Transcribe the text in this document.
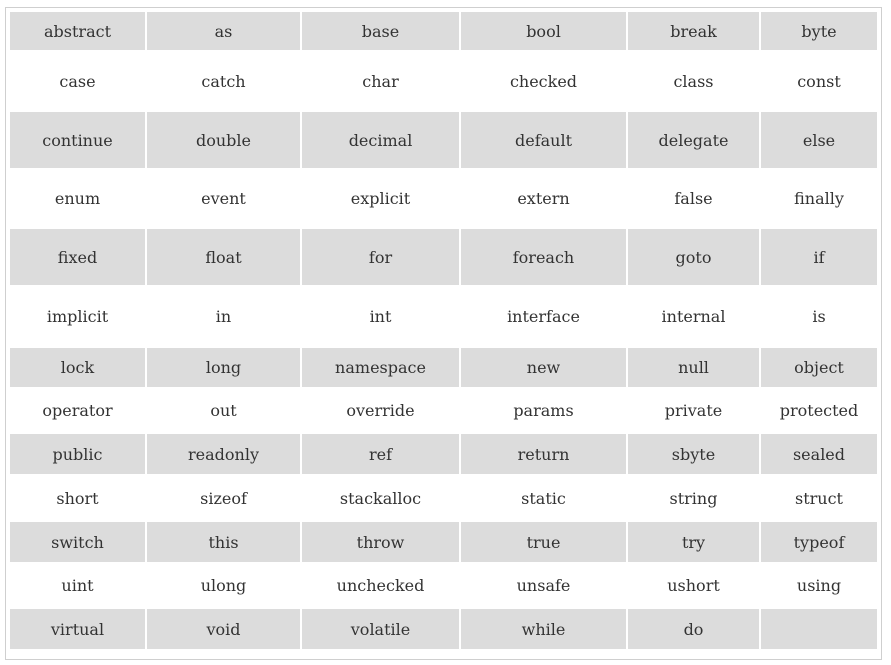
abstract	as	base	bool	break	byte
case	catch	char	checked	class	const
continue	double	decimal	default	delegate	else
enum	event	explicit	extern	false	finally
fixed	float	for	foreach	goto	if
implicit	in	int	interface	internal	is
lock	long	namespace	new	null	object
operator	out	override	params	private	protected
public	readonly	ref	return	sbyte	sealed
short	sizeof	stackalloc	static	string	struct
switch	this	throw	true	try	typeof
uint	ulong	unchecked	unsafe	ushort	using
virtual	void	volatile	while	do	
